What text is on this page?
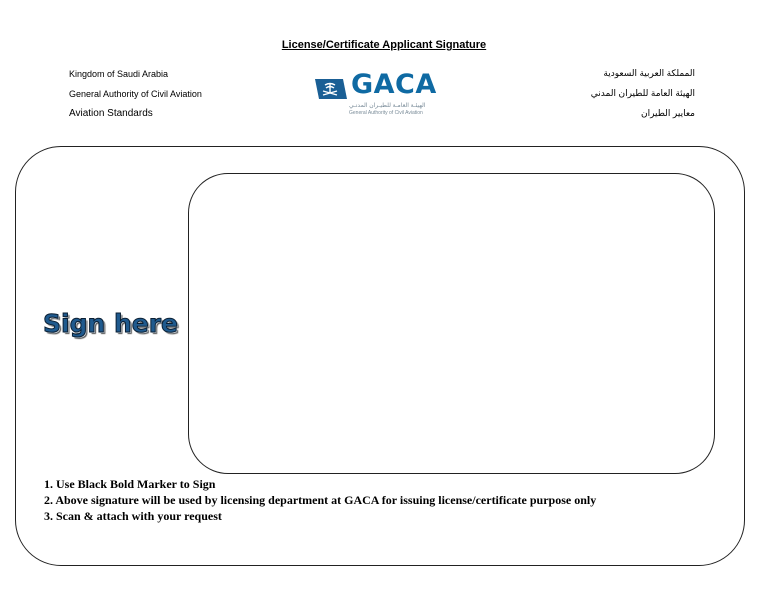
License/Certificate Applicant Signature
Kingdom of Saudi Arabia
General Authority of Civil Aviation
Aviation Standards
GACA
الهيئـة العامـة للطيـران المدنـي
General Authority of Civil Aviation
المملكة العربية السعودية
الهيئة العامة للطيران المدني
معايير الطيران
Sign here
1. Use Black Bold Marker to Sign
2. Above signature will be used by licensing department at GACA for issuing license/certificate purpose only
3. Scan & attach with your request
